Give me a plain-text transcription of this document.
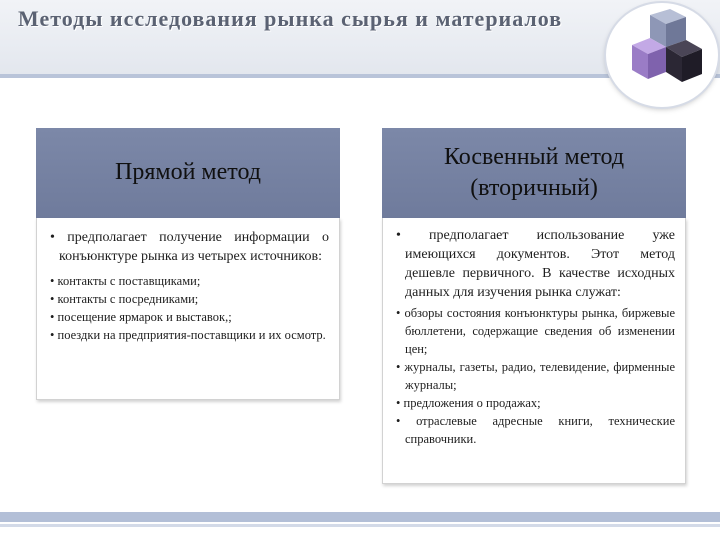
Методы исследования рынка сырья и материалов
Прямой метод

• предполагает получение информации о конъюнктуре рынка из четырех источников:

• контакты с поставщиками;

• контакты с посредниками;

• посещение ярмарок и выставок,;

• поездки на предприятия-поставщики и их осмотр.

Косвенный метод
(вторичный)

• предполагает использование уже имеющихся документов. Этот метод дешевле первичного. В качестве исходных данных для изучения рынка служат:

• обзоры состояния конъюнктуры рынка, биржевые бюллетени, содержащие сведения об изменении цен;

• журналы, газеты, радио, телевидение, фирменные журналы;

• предложения о продажах;

• отраслевые адресные книги, технические справочники.
